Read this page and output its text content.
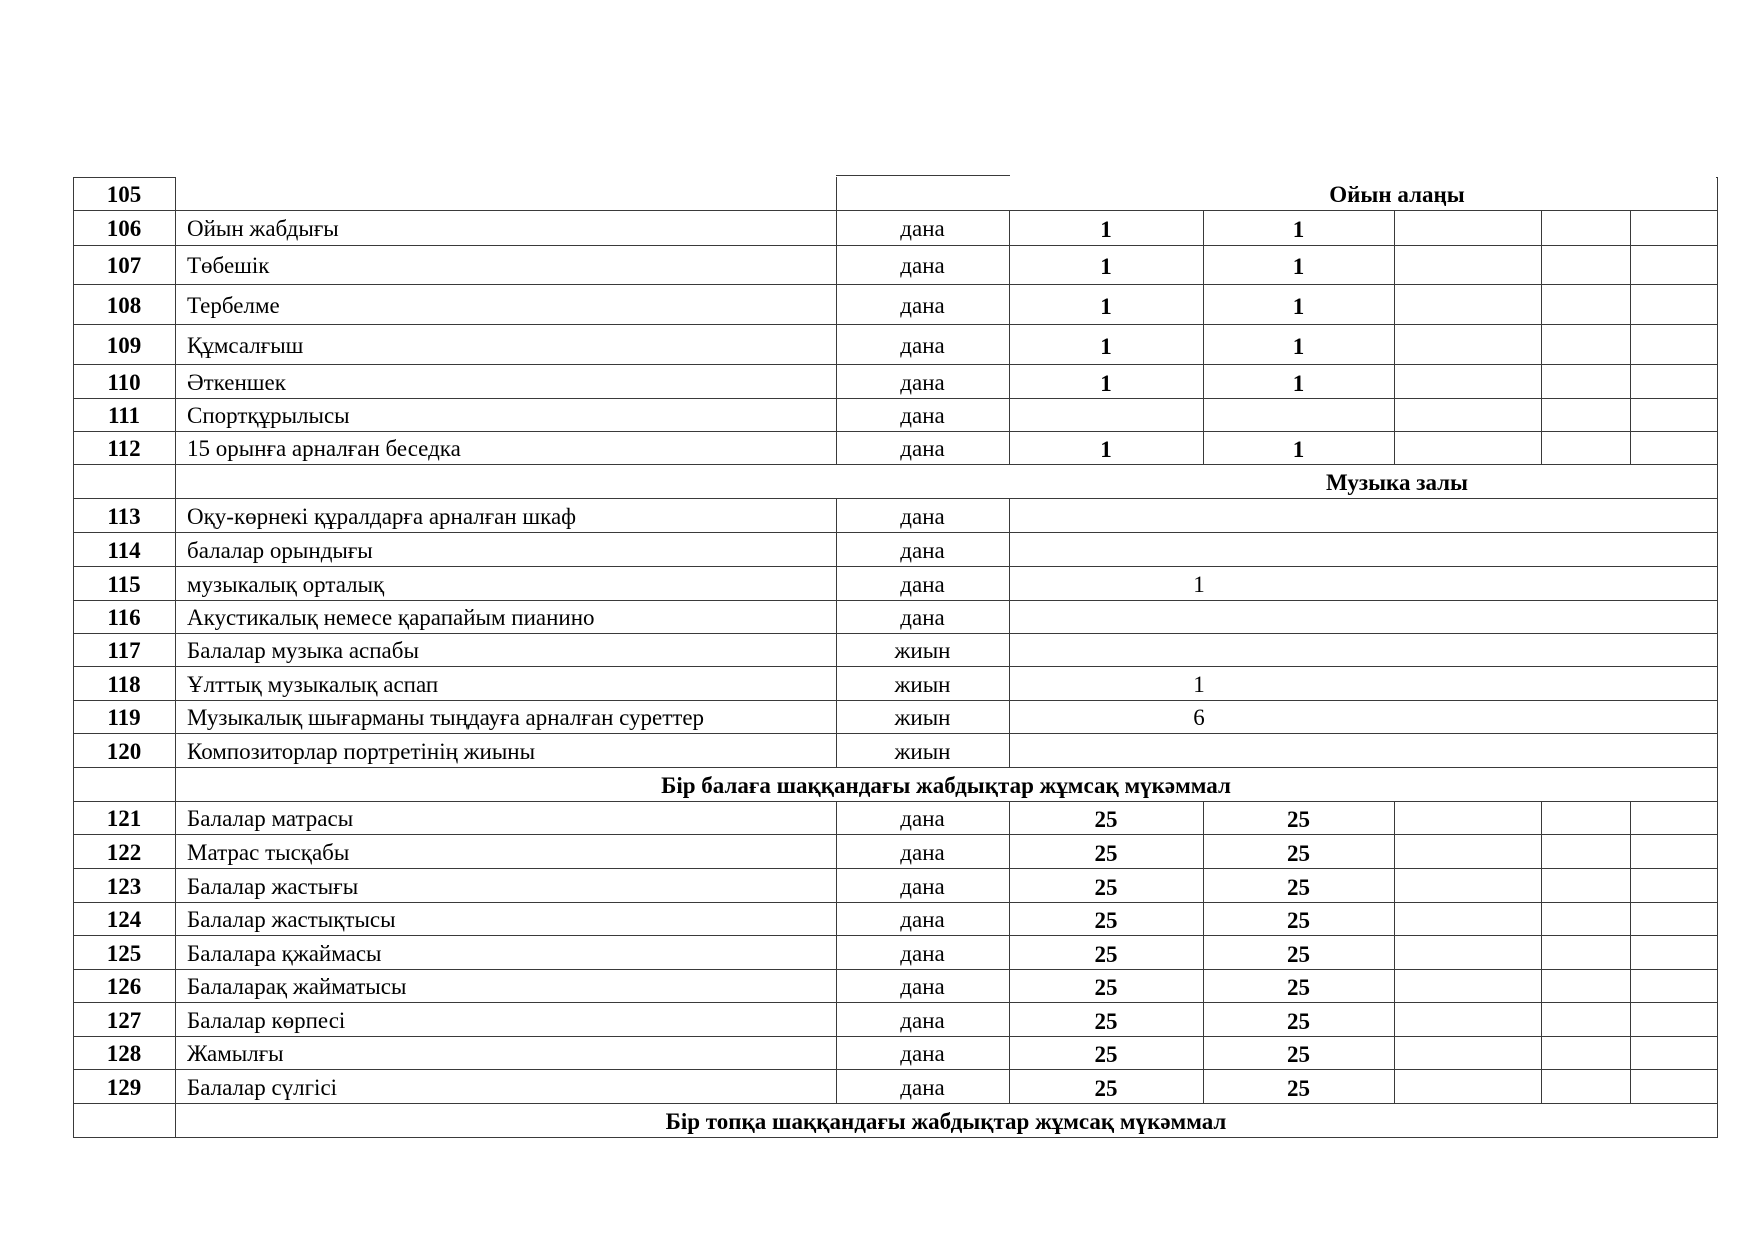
105	Ойын алаңы
106	Ойын жабдығы	дана	1	1
107	Төбешік	дана	1	1
108	Тербелме	дана	1	1
109	Құмсалғыш	дана	1	1
110	Әткеншек	дана	1	1
111	Спортқұрылысы	дана
112	15 орынға арналған беседка	дана	1	1
Музыка залы
113	Оқу-көрнекі құралдарға арналған шкаф	дана
114	балалар орындығы	дана
115	музыкалық орталық	дана	1
116	Акустикалық немесе қарапайым пианино	дана
117	Балалар музыка аспабы	жиын
118	Ұлттық музыкалық аспап	жиын	1
119	Музыкалық шығарманы тыңдауға арналған суреттер	жиын	6
120	Композиторлар портретінің жиыны	жиын
Бір балаға шаққандағы жабдықтар жұмсақ мүкәммал
121	Балалар матрасы	дана	25	25
122	Матрас тысқабы	дана	25	25
123	Балалар жастығы	дана	25	25
124	Балалар жастықтысы	дана	25	25
125	Балалара қжаймасы	дана	25	25
126	Балаларақ жайматысы	дана	25	25
127	Балалар көрпесі	дана	25	25
128	Жамылғы	дана	25	25
129	Балалар сүлгісі	дана	25	25
Бір топқа шаққандағы жабдықтар жұмсақ мүкәммал
